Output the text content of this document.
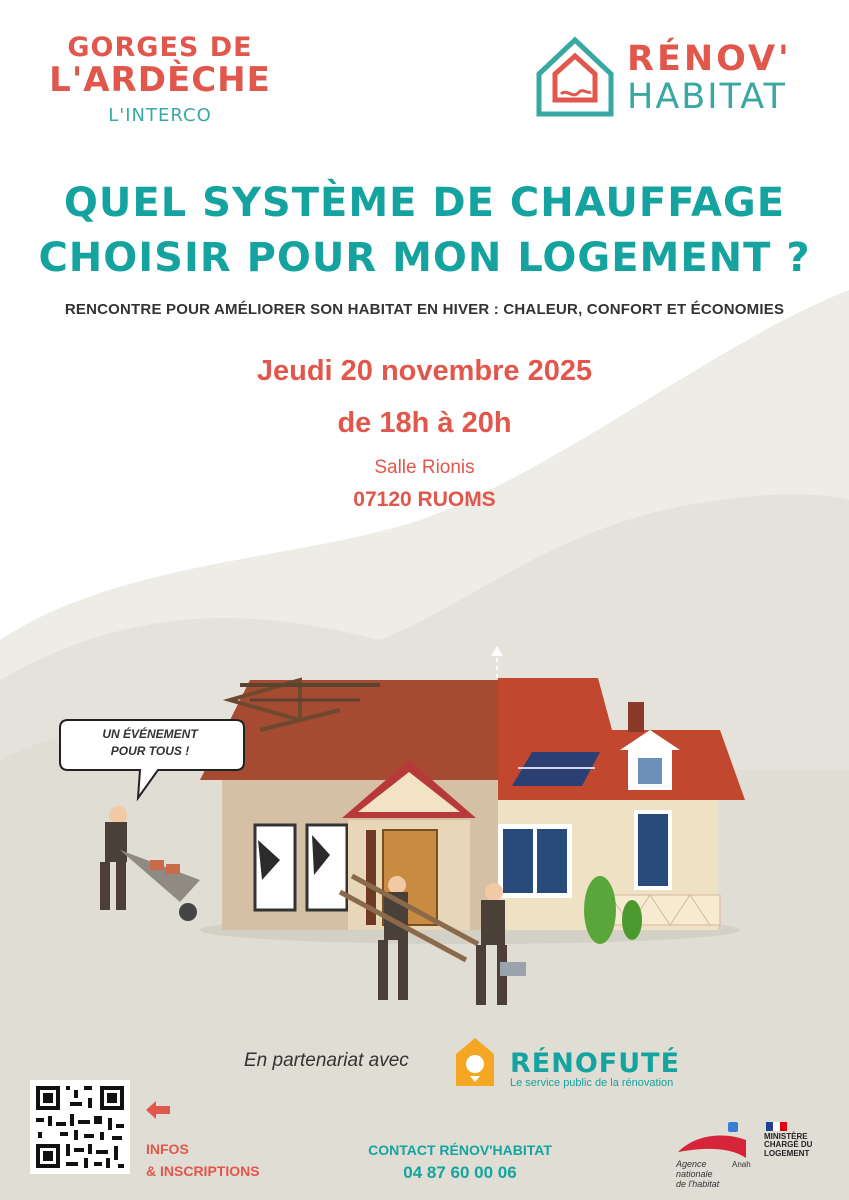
GORGES DE
L'ARDÈCHE
L'INTERCO
RÉNOV'
HABITAT
QUEL SYSTÈME DE CHAUFFAGE
CHOISIR POUR MON LOGEMENT ?
RENCONTRE POUR AMÉLIORER SON HABITAT EN HIVER : CHALEUR, CONFORT ET ÉCONOMIES
Jeudi 20 novembre 2025
de 18h à 20h
Salle Rionis
07120 RUOMS
UN ÉVÉNEMENT
POUR TOUS !
En partenariat avec	RÉNOFUTÉ
Le service public de la rénovation
INFOS
& INSCRIPTIONS
CONTACT RÉNOV'HABITAT
04 87 60 00 06	Agence
nationale
de l'habitat
Anah
MINISTÈRE
CHARGÉ DU
LOGEMENT
